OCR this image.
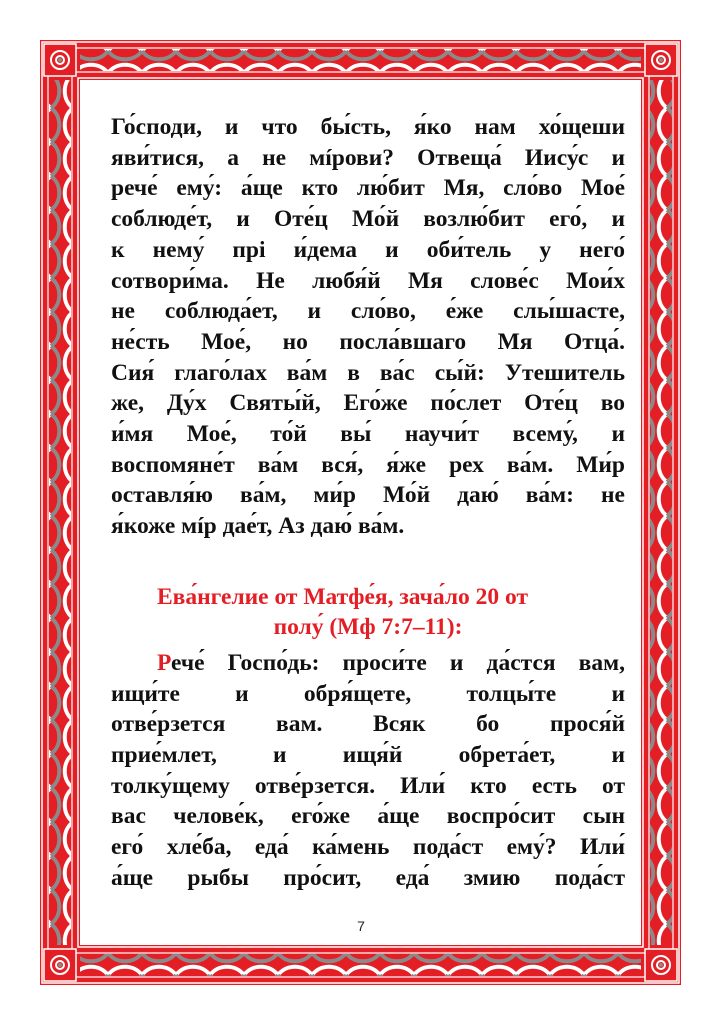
Го́споди, и что бы́сть, я́ко нам хо́щеши
яви́тися, а не мíрови? Отвеща́ Иису́с и
рече́ ему́: а́ще кто лю́бит Мя, сло́во Мое́
соблюде́т, и Оте́ц Мо́й возлю́бит его́, и
к нему́ прі и́дема и оби́тель у него́
сотвори́ма. Не любя́й Мя слове́с Мои́х
не соблюда́ет, и сло́во, е́же слы́шасте,
не́сть Мое́, но посла́вшаго Мя Отца́.
Сия́ глаго́лах ва́м в ва́с сы́й: Утешитель
же, Ду́х Святы́й, Его́же по́слет Оте́ц во
и́мя Мое́, то́й вы́ научи́т всему́, и
воспомяне́т ва́м вся́, я́же рех ва́м. Ми́р
оставля́ю ва́м, ми́р Мо́й даю́ ва́м: не
я́коже мíр дае́т, Аз даю́ ва́м.
Ева́нгелие от Матфе́я, зача́ло 20 от
полу́ (Мф 7:7–11):
Рече́ Госпо́дь: проси́те и да́стся вам,
ищи́те и обря́щете, толцы́те и
отве́рзется вам. Всяк бо прося́й
прие́млет, и ищя́й обрета́ет, и
толку́щему отве́рзется. Или́ кто есть от
вас челове́к, его́же а́ще воспро́сит сын
его́ хле́ба, еда́ ка́мень пода́ст ему́? Или́
а́ще рыбы про́сит, еда́ змию пода́ст
7
